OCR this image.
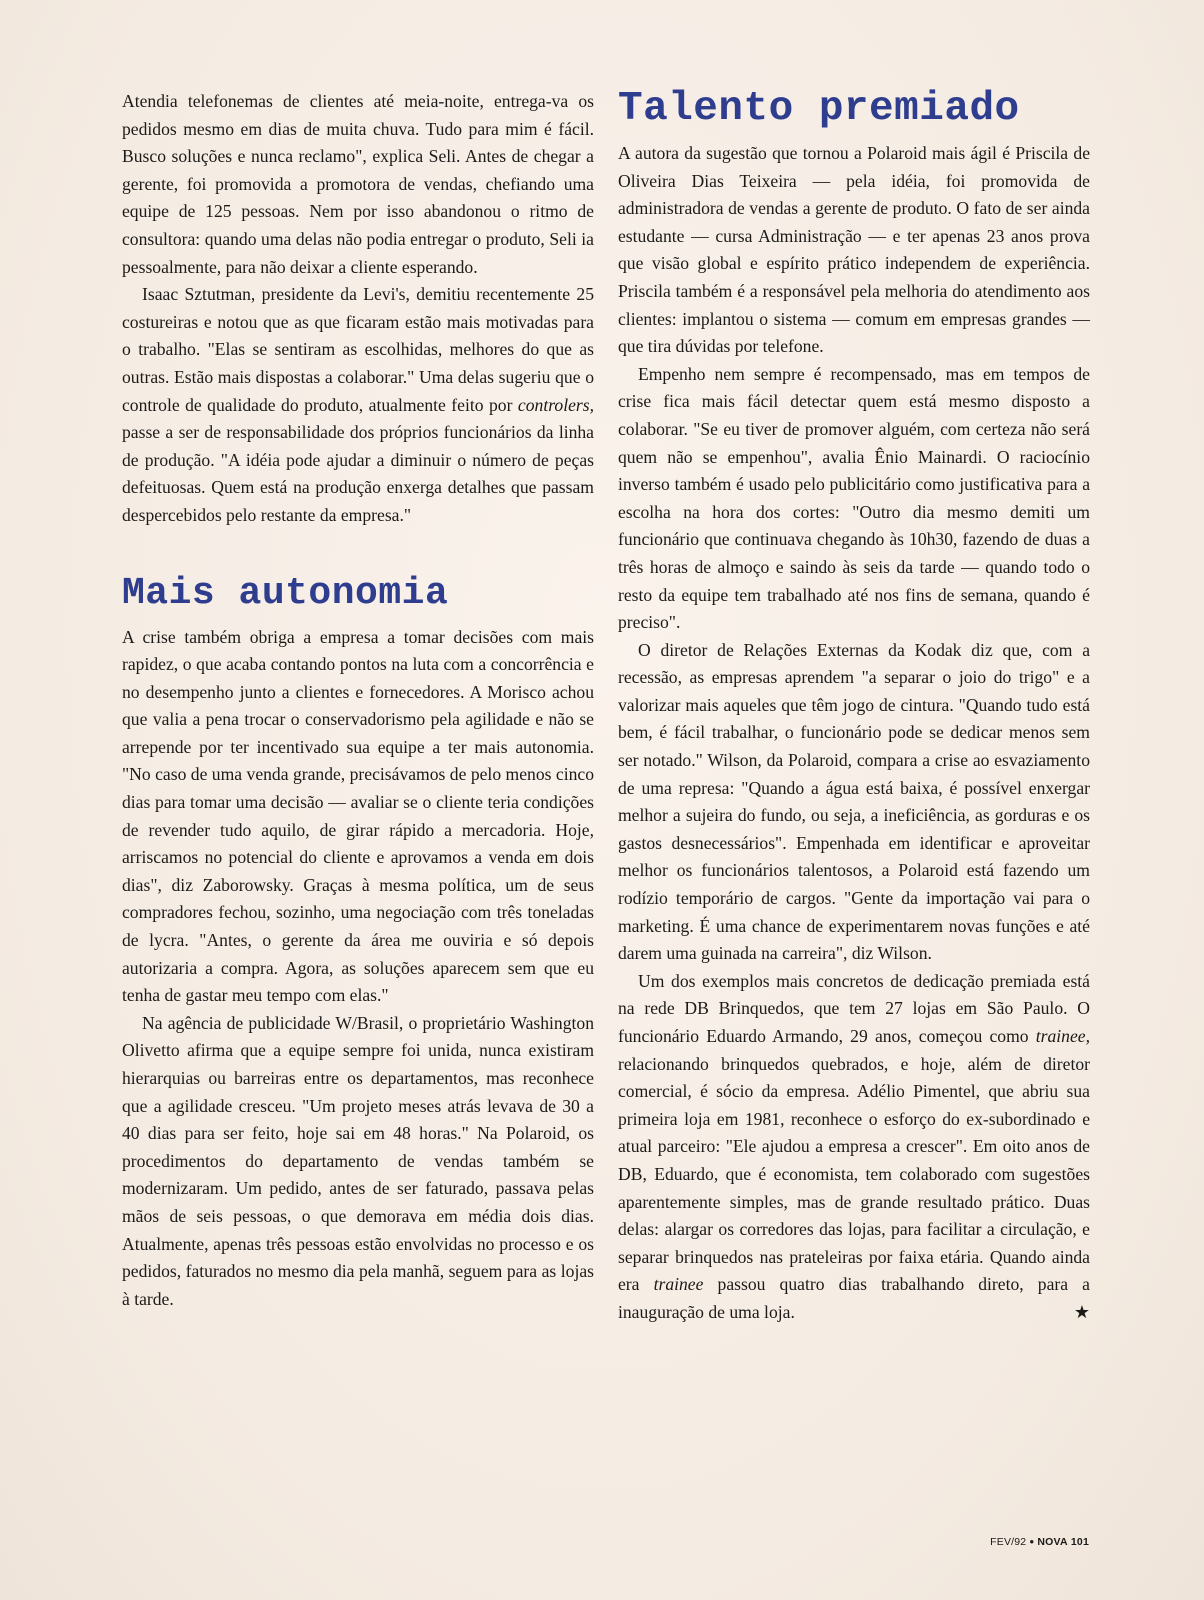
Atendia telefonemas de clientes até meia-noite, entrega-va os pedidos mesmo em dias de muita chuva. Tudo para mim é fácil. Busco soluções e nunca reclamo", explica Seli. Antes de chegar a gerente, foi promovida a promotora de vendas, chefiando uma equipe de 125 pessoas. Nem por isso abandonou o ritmo de consultora: quando uma delas não podia entregar o produto, Seli ia pessoalmente, para não deixar a cliente esperando.

Isaac Sztutman, presidente da Levi's, demitiu recentemente 25 costureiras e notou que as que ficaram estão mais motivadas para o trabalho. "Elas se sentiram as escolhidas, melhores do que as outras. Estão mais dispostas a colaborar." Uma delas sugeriu que o controle de qualidade do produto, atualmente feito por controlers, passe a ser de responsabilidade dos próprios funcionários da linha de produção. "A idéia pode ajudar a diminuir o número de peças defeituosas. Quem está na produção enxerga detalhes que passam despercebidos pelo restante da empresa."

Mais autonomia

A crise também obriga a empresa a tomar decisões com mais rapidez, o que acaba contando pontos na luta com a concorrência e no desempenho junto a clientes e fornecedores. A Morisco achou que valia a pena trocar o conservadorismo pela agilidade e não se arrepende por ter incentivado sua equipe a ter mais autonomia. "No caso de uma venda grande, precisávamos de pelo menos cinco dias para tomar uma decisão — avaliar se o cliente teria condições de revender tudo aquilo, de girar rápido a mercadoria. Hoje, arriscamos no potencial do cliente e aprovamos a venda em dois dias", diz Zaborowsky. Graças à mesma política, um de seus compradores fechou, sozinho, uma negociação com três toneladas de lycra. "Antes, o gerente da área me ouviria e só depois autorizaria a compra. Agora, as soluções aparecem sem que eu tenha de gastar meu tempo com elas."

Na agência de publicidade W/Brasil, o proprietário Washington Olivetto afirma que a equipe sempre foi unida, nunca existiram hierarquias ou barreiras entre os departamentos, mas reconhece que a agilidade cresceu. "Um projeto meses atrás levava de 30 a 40 dias para ser feito, hoje sai em 48 horas." Na Polaroid, os procedimentos do departamento de vendas também se modernizaram. Um pedido, antes de ser faturado, passava pelas mãos de seis pessoas, o que demorava em média dois dias. Atualmente, apenas três pessoas estão envolvidas no processo e os pedidos, faturados no mesmo dia pela manhã, seguem para as lojas à tarde.

Talento premiado

A autora da sugestão que tornou a Polaroid mais ágil é Priscila de Oliveira Dias Teixeira — pela idéia, foi promovida de administradora de vendas a gerente de produto. O fato de ser ainda estudante — cursa Administração — e ter apenas 23 anos prova que visão global e espírito prático independem de experiência. Priscila também é a responsável pela melhoria do atendimento aos clientes: implantou o sistema — comum em empresas grandes — que tira dúvidas por telefone.

Empenho nem sempre é recompensado, mas em tempos de crise fica mais fácil detectar quem está mesmo disposto a colaborar. "Se eu tiver de promover alguém, com certeza não será quem não se empenhou", avalia Ênio Mainardi. O raciocínio inverso também é usado pelo publicitário como justificativa para a escolha na hora dos cortes: "Outro dia mesmo demiti um funcionário que continuava chegando às 10h30, fazendo de duas a três horas de almoço e saindo às seis da tarde — quando todo o resto da equipe tem trabalhado até nos fins de semana, quando é preciso".

O diretor de Relações Externas da Kodak diz que, com a recessão, as empresas aprendem "a separar o joio do trigo" e a valorizar mais aqueles que têm jogo de cintura. "Quando tudo está bem, é fácil trabalhar, o funcionário pode se dedicar menos sem ser notado." Wilson, da Polaroid, compara a crise ao esvaziamento de uma represa: "Quando a água está baixa, é possível enxergar melhor a sujeira do fundo, ou seja, a ineficiência, as gorduras e os gastos desnecessários". Empenhada em identificar e aproveitar melhor os funcionários talentosos, a Polaroid está fazendo um rodízio temporário de cargos. "Gente da importação vai para o marketing. É uma chance de experimentarem novas funções e até darem uma guinada na carreira", diz Wilson.

Um dos exemplos mais concretos de dedicação premiada está na rede DB Brinquedos, que tem 27 lojas em São Paulo. O funcionário Eduardo Armando, 29 anos, começou como trainee, relacionando brinquedos quebrados, e hoje, além de diretor comercial, é sócio da empresa. Adélio Pimentel, que abriu sua primeira loja em 1981, reconhece o esforço do ex-subordinado e atual parceiro: "Ele ajudou a empresa a crescer". Em oito anos de DB, Eduardo, que é economista, tem colaborado com sugestões aparentemente simples, mas de grande resultado prático. Duas delas: alargar os corredores das lojas, para facilitar a circulação, e separar brinquedos nas prateleiras por faixa etária. Quando ainda era trainee passou quatro dias trabalhando direto, para a inauguração de uma loja.	★

FEV/92 ● NOVA 101
